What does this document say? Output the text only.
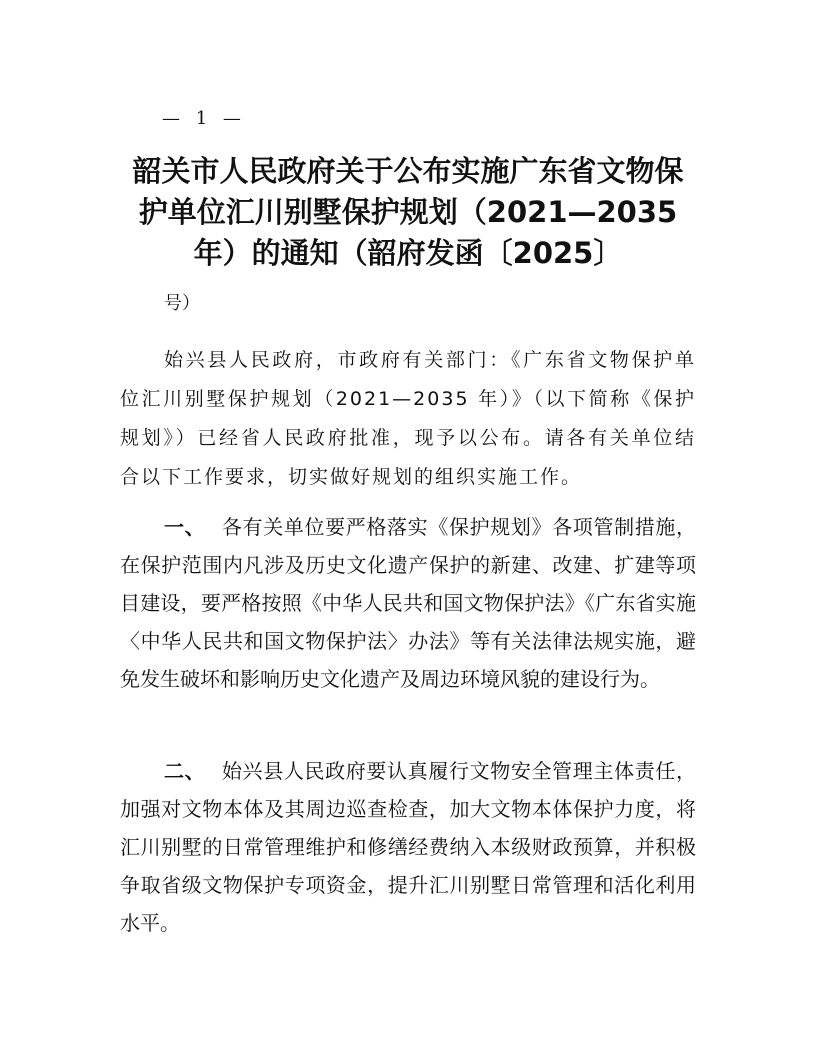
— 1 —
韶关市人民政府关于公布实施广东省文物保护单位汇川别墅保护规划（2021—2035 年）的通知（韶府发函〔2025〕
号）

始兴县人民政府，市政府有关部门：《广东省文物保护单位汇川别墅保护规划（2021—2035 年）》（以下简称《保护规划》）已经省人民政府批准，现予以公布。请各有关单位结合以下工作要求，切实做好规划的组织实施工作。

一、 各有关单位要严格落实《保护规划》各项管制措施，在保护范围内凡涉及历史文化遗产保护的新建、改建、扩建等项目建设，要严格按照《中华人民共和国文物保护法》《广东省实施〈中华人民共和国文物保护法〉办法》等有关法律法规实施，避免发生破坏和影响历史文化遗产及周边环境风貌的建设行为。

二、 始兴县人民政府要认真履行文物安全管理主体责任，加强对文物本体及其周边巡查检查，加大文物本体保护力度，将汇川别墅的日常管理维护和修缮经费纳入本级财政预算，并积极争取省级文物保护专项资金，提升汇川别墅日常管理和活化利用水平。
